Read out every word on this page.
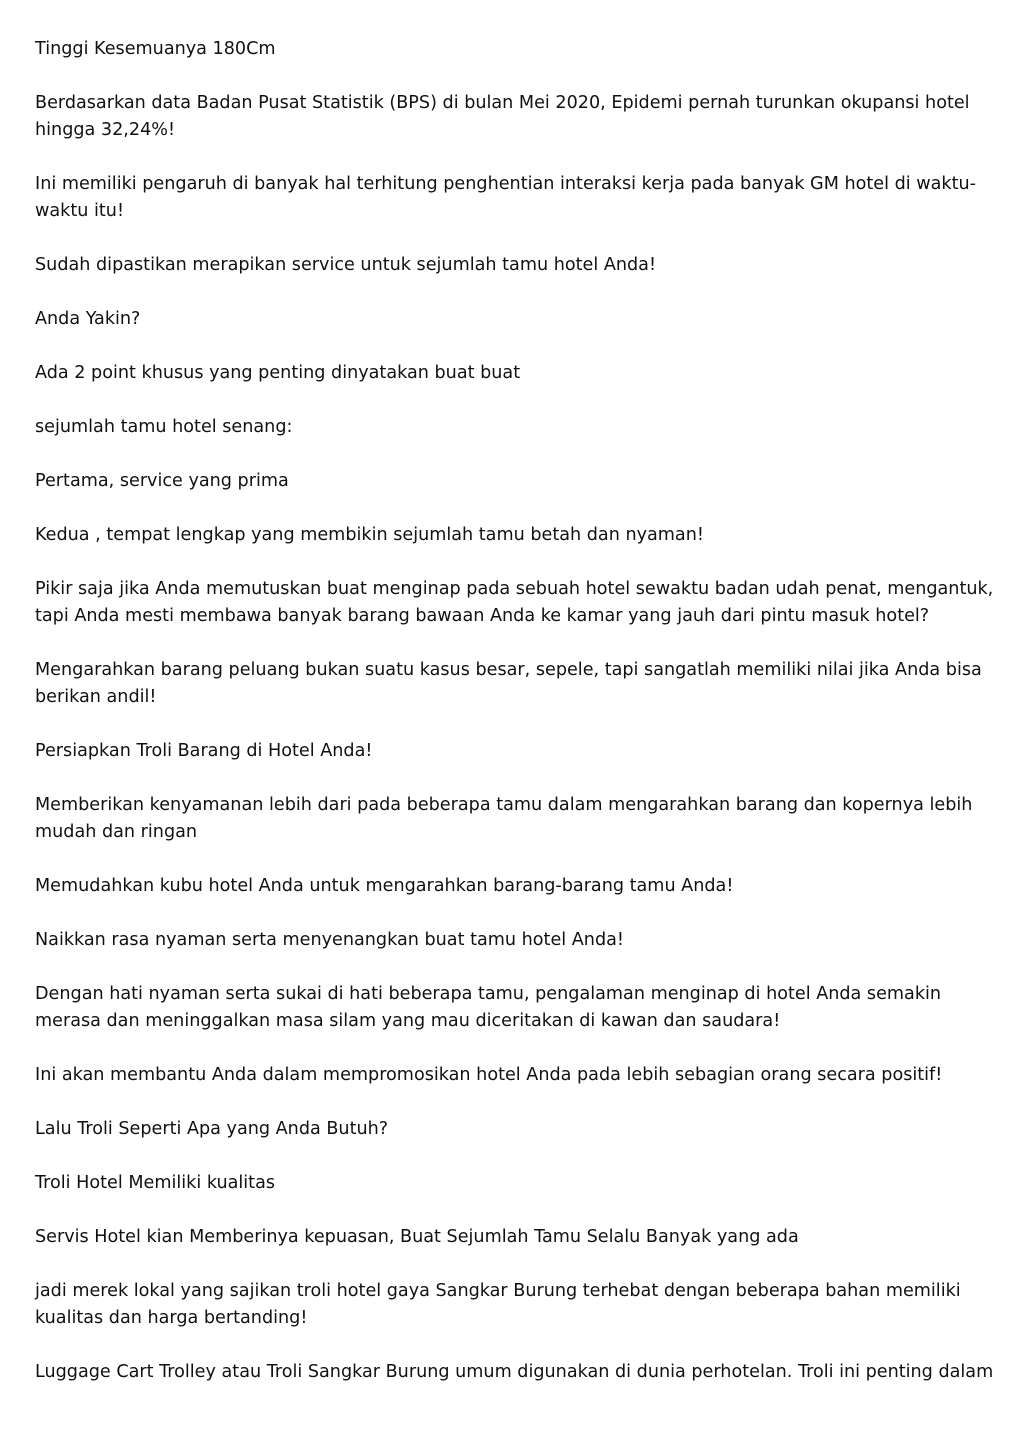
Tinggi Kesemuanya 180Cm

Berdasarkan data Badan Pusat Statistik (BPS) di bulan Mei 2020, Epidemi pernah turunkan okupansi hotel hingga 32,24%!

Ini memiliki pengaruh di banyak hal terhitung penghentian interaksi kerja pada banyak GM hotel di waktu-waktu itu!

Sudah dipastikan merapikan service untuk sejumlah tamu hotel Anda!

Anda Yakin?

Ada 2 point khusus yang penting dinyatakan buat buat

sejumlah tamu hotel senang:

Pertama, service yang prima

Kedua , tempat lengkap yang membikin sejumlah tamu betah dan nyaman!

Pikir saja jika Anda memutuskan buat menginap pada sebuah hotel sewaktu badan udah penat, mengantuk, tapi Anda mesti membawa banyak barang bawaan Anda ke kamar yang jauh dari pintu masuk hotel?

Mengarahkan barang peluang bukan suatu kasus besar, sepele, tapi sangatlah memiliki nilai jika Anda bisa berikan andil!

Persiapkan Troli Barang di Hotel Anda!

Memberikan kenyamanan lebih dari pada beberapa tamu dalam mengarahkan barang dan kopernya lebih mudah dan ringan

Memudahkan kubu hotel Anda untuk mengarahkan barang-barang tamu Anda!

Naikkan rasa nyaman serta menyenangkan buat tamu hotel Anda!

Dengan hati nyaman serta sukai di hati beberapa tamu, pengalaman menginap di hotel Anda semakin merasa dan meninggalkan masa silam yang mau diceritakan di kawan dan saudara!

Ini akan membantu Anda dalam mempromosikan hotel Anda pada lebih sebagian orang secara positif!

Lalu Troli Seperti Apa yang Anda Butuh?

Troli Hotel Memiliki kualitas

Servis Hotel kian Memberinya kepuasan, Buat Sejumlah Tamu Selalu Banyak yang ada

jadi merek lokal yang sajikan troli hotel gaya Sangkar Burung terhebat dengan beberapa bahan memiliki kualitas dan harga bertanding!

Luggage Cart Trolley atau Troli Sangkar Burung umum digunakan di dunia perhotelan. Troli ini penting dalam
